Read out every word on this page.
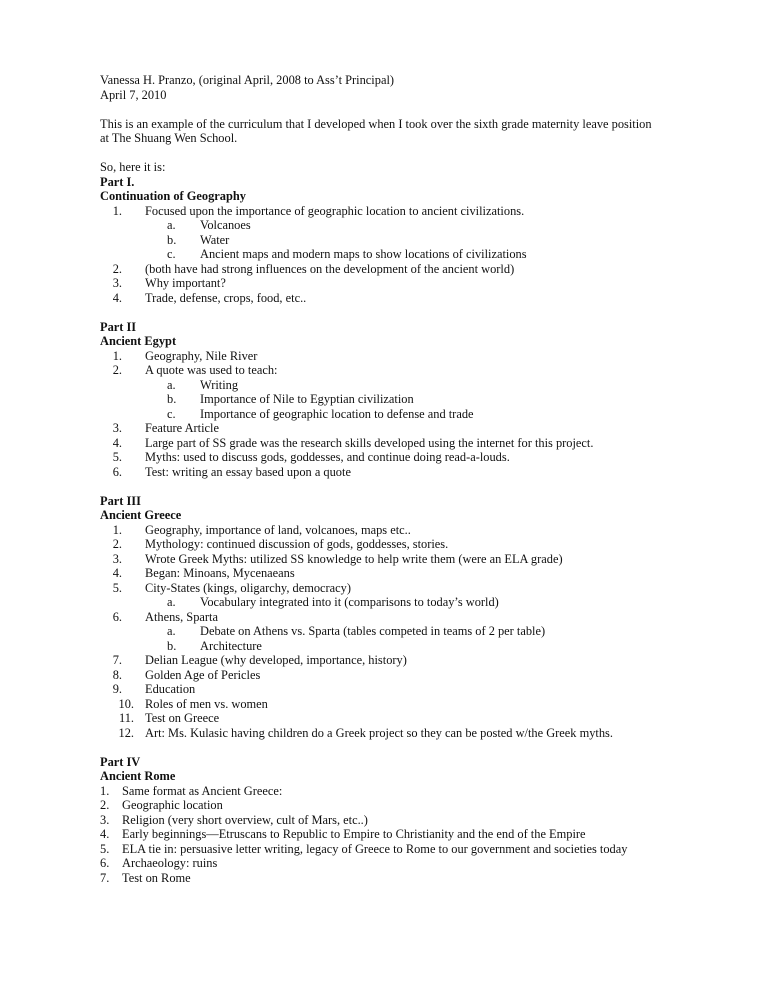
Vanessa H. Pranzo, (original April, 2008 to Ass’t Principal)
April 7, 2010
This is an example of the curriculum that I developed when I took over the sixth grade maternity leave position
at The Shuang Wen School.
So, here it is:
Part I.
Continuation of Geography
1. Focused upon the importance of geographic location to ancient civilizations.
a. Volcanoes
b. Water
c. Ancient maps and modern maps to show locations of civilizations
2. (both have had strong influences on the development of the ancient world)
3. Why important?
4. Trade, defense, crops, food, etc..
Part II
Ancient Egypt
1. Geography, Nile River
2. A quote was used to teach:
a. Writing
b. Importance of Nile to Egyptian civilization
c. Importance of geographic location to defense and trade
3. Feature Article
4. Large part of SS grade was the research skills developed using the internet for this project.
5. Myths: used to discuss gods, goddesses, and continue doing read-a-louds.
6. Test: writing an essay based upon a quote
Part III
Ancient Greece
1. Geography, importance of land, volcanoes, maps etc..
2. Mythology: continued discussion of gods, goddesses, stories.
3. Wrote Greek Myths: utilized SS knowledge to help write them (were an ELA grade)
4. Began: Minoans, Mycenaeans
5. City-States (kings, oligarchy, democracy)
a. Vocabulary integrated into it (comparisons to today’s world)
6. Athens, Sparta
a. Debate on Athens vs. Sparta (tables competed in teams of 2 per table)
b. Architecture
7. Delian League (why developed, importance, history)
8. Golden Age of Pericles
9. Education
10. Roles of men vs. women
11. Test on Greece
12. Art: Ms. Kulasic having children do a Greek project so they can be posted w/the Greek myths.
Part IV
Ancient Rome
1. Same format as Ancient Greece:
2. Geographic location
3. Religion (very short overview, cult of Mars, etc..)
4. Early beginnings—Etruscans to Republic to Empire to Christianity and the end of the Empire
5. ELA tie in: persuasive letter writing, legacy of Greece to Rome to our government and societies today
6. Archaeology: ruins
7. Test on Rome
